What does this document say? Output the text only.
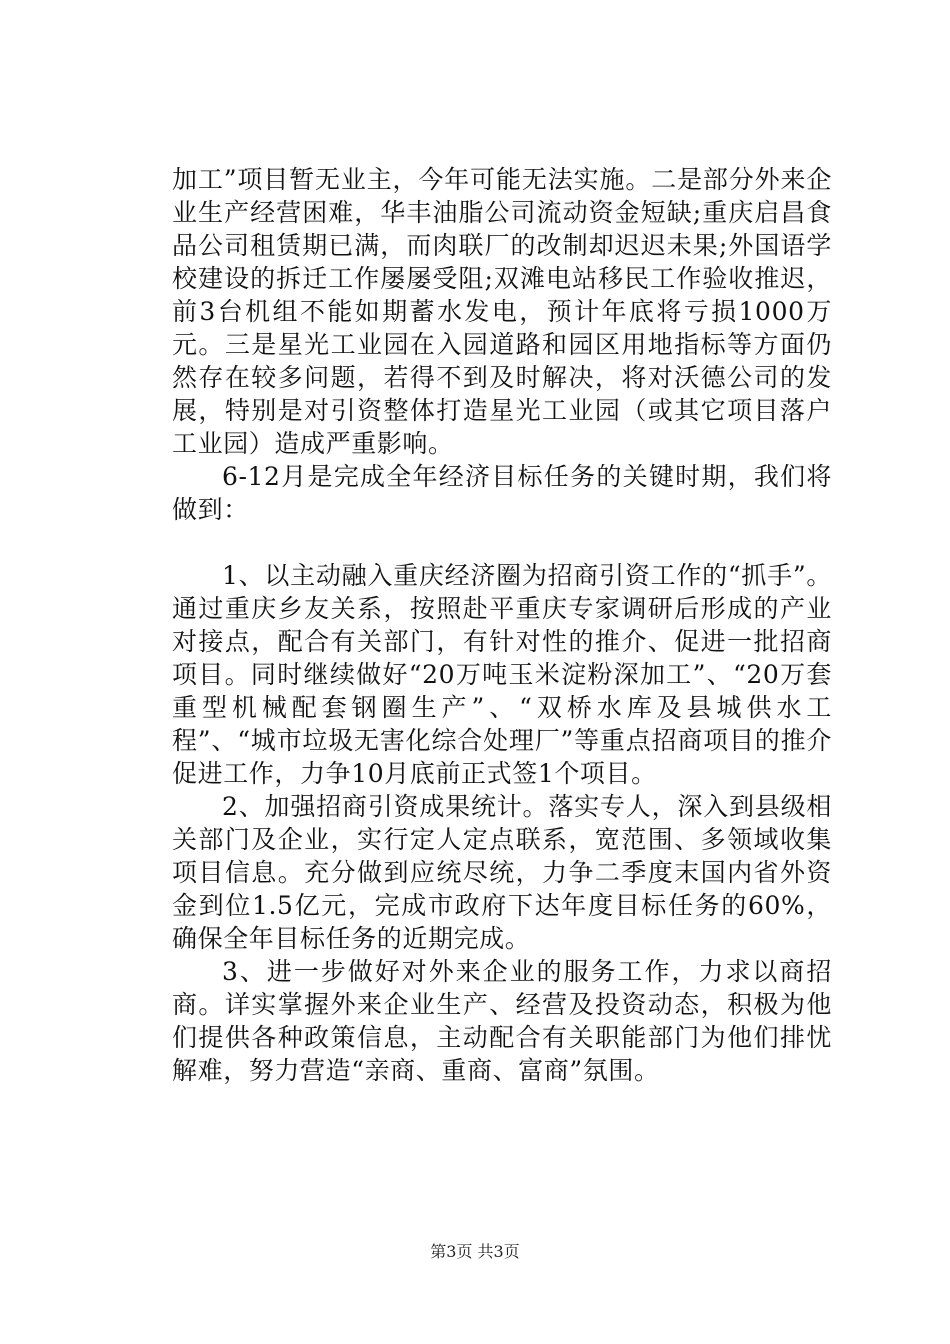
加工”项目暂无业主，今年可能无法实施。二是部分外来企业生产经营困难，华丰油脂公司流动资金短缺;重庆启昌食品公司租赁期已满，而肉联厂的改制却迟迟未果;外国语学校建设的拆迁工作屡屡受阻;双滩电站移民工作验收推迟，前3台机组不能如期蓄水发电，预计年底将亏损1000万元。三是星光工业园在入园道路和园区用地指标等方面仍然存在较多问题，若得不到及时解决，将对沃德公司的发展，特别是对引资整体打造星光工业园（或其它项目落户工业园）造成严重影响。

6-12月是完成全年经济目标任务的关键时期，我们将做到：

1、以主动融入重庆经济圈为招商引资工作的“抓手”。通过重庆乡友关系，按照赴平重庆专家调研后形成的产业对接点，配合有关部门，有针对性的推介、促进一批招商项目。同时继续做好“20万吨玉米淀粉深加工”、“20万套重型机械配套钢圈生产”、“双桥水库及县城供水工程”、“城市垃圾无害化综合处理厂”等重点招商项目的推介促进工作，力争10月底前正式签1个项目。

2、加强招商引资成果统计。落实专人，深入到县级相关部门及企业，实行定人定点联系，宽范围、多领域收集项目信息。充分做到应统尽统，力争二季度末国内省外资金到位1.5亿元，完成市政府下达年度目标任务的60%，确保全年目标任务的近期完成。

3、进一步做好对外来企业的服务工作，力求以商招商。详实掌握外来企业生产、经营及投资动态，积极为他们提供各种政策信息，主动配合有关职能部门为他们排忧解难，努力营造“亲商、重商、富商”氛围。

第3页 共3页
